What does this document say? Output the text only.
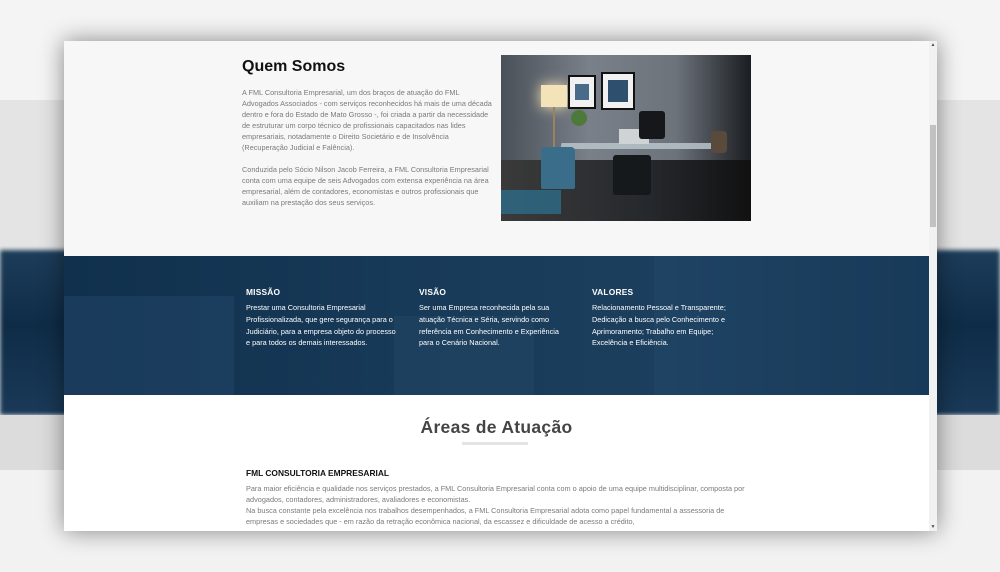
Quem Somos

A FML Consultoria Empresarial, um dos braços de atuação do FML Advogados Associados - com serviços reconhecidos há mais de uma década dentro e fora do Estado de Mato Grosso -, foi criada a partir da necessidade de estruturar um corpo técnico de profissionais capacitados nas lides empresariais, notadamente o Direito Societário e de Insolvência (Recuperação Judicial e Falência).

Conduzida pelo Sócio Nilson Jacob Ferreira, a FML Consultoria Empresarial conta com uma equipe de seis Advogados com extensa experiência na área empresarial, além de contadores, economistas e outros profissionais que auxiliam na prestação dos seus serviços.

MISSÃO

Prestar uma Consultoria Empresarial Profissionalizada, que gere segurança para o Judiciário, para a empresa objeto do processo e para todos os demais interessados.

VISÃO

Ser uma Empresa reconhecida pela sua atuação Técnica e Séria, servindo como referência em Conhecimento e Experiência para o Cenário Nacional.

VALORES

Relacionamento Pessoal e Transparente; Dedicação a busca pelo Conhecimento e Aprimoramento; Trabalho em Equipe; Excelência e Eficiência.

Áreas de Atuação
FML CONSULTORIA EMPRESARIAL

Para maior eficiência e qualidade nos serviços prestados, a FML Consultoria Empresarial conta com o apoio de uma equipe multidisciplinar, composta por advogados, contadores, administradores, avaliadores e economistas.

Na busca constante pela excelência nos trabalhos desempenhados, a FML Consultoria Empresarial adota como papel fundamental a assessoria de empresas e sociedades que - em razão da retração econômica nacional, da escassez e dificuldade de acesso a crédito,

▲
▼
